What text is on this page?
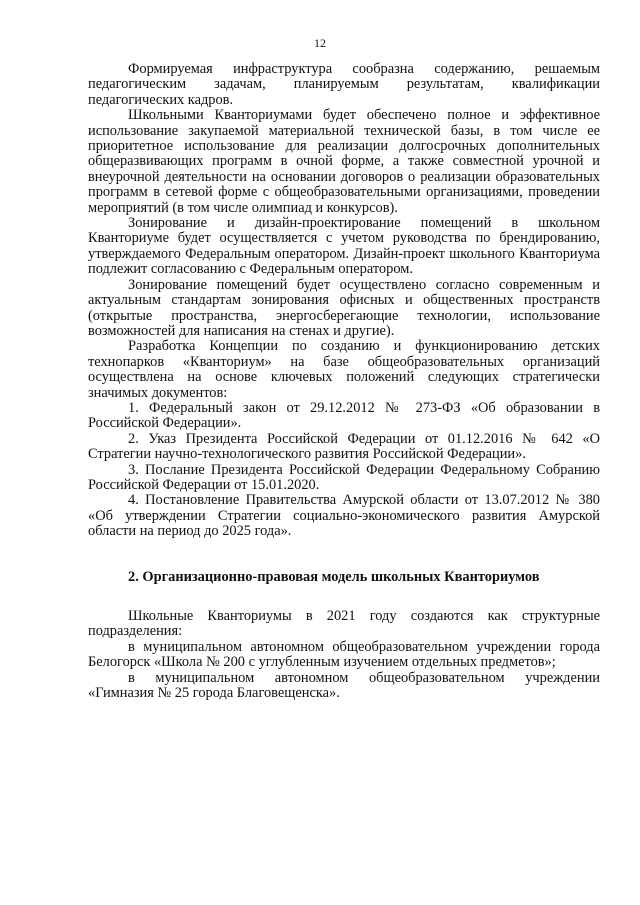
12

Формируемая инфраструктура сообразна содержанию, решаемым педагогическим задачам, планируемым результатам, квалификации педагогических кадров.

Школьными Кванториумами будет обеспечено полное и эффективное использование закупаемой материальной технической базы, в том числе ее приоритетное использование для реализации долгосрочных дополнительных общеразвивающих программ в очной форме, а также совместной урочной и внеурочной деятельности на основании договоров о реализации образовательных программ в сетевой форме с общеобразовательными организациями, проведении мероприятий (в том числе олимпиад и конкурсов).

Зонирование и дизайн-проектирование помещений в школьном Кванториуме будет осуществляется с учетом руководства по брендированию, утверждаемого Федеральным оператором. Дизайн-проект школьного Кванториума подлежит согласованию с Федеральным оператором.

Зонирование помещений будет осуществлено согласно современным и актуальным стандартам зонирования офисных и общественных пространств (открытые пространства, энергосберегающие технологии, использование возможностей для написания на стенах и другие).

Разработка Концепции по созданию и функционированию детских технопарков «Кванториум» на базе общеобразовательных организаций осуществлена на основе ключевых положений следующих стратегически значимых документов:

1. Федеральный закон от 29.12.2012 № 273-ФЗ «Об образовании в Российской Федерации».

2. Указ Президента Российской Федерации от 01.12.2016 № 642 «О Стратегии научно-технологического развития Российской Федерации».

3. Послание Президента Российской Федерации Федеральному Собранию Российской Федерации от 15.01.2020.

4. Постановление Правительства Амурской области от 13.07.2012 № 380 «Об утверждении Стратегии социально-экономического развития Амурской области на период до 2025 года».

2. Организационно-правовая модель школьных Кванториумов

Школьные Кванториумы в 2021 году создаются как структурные подразделения:

в муниципальном автономном общеобразовательном учреждении города Белогорск «Школа № 200 с углубленным изучением отдельных предметов»;

в муниципальном автономном общеобразовательном учреждении «Гимназия № 25 города Благовещенска».
